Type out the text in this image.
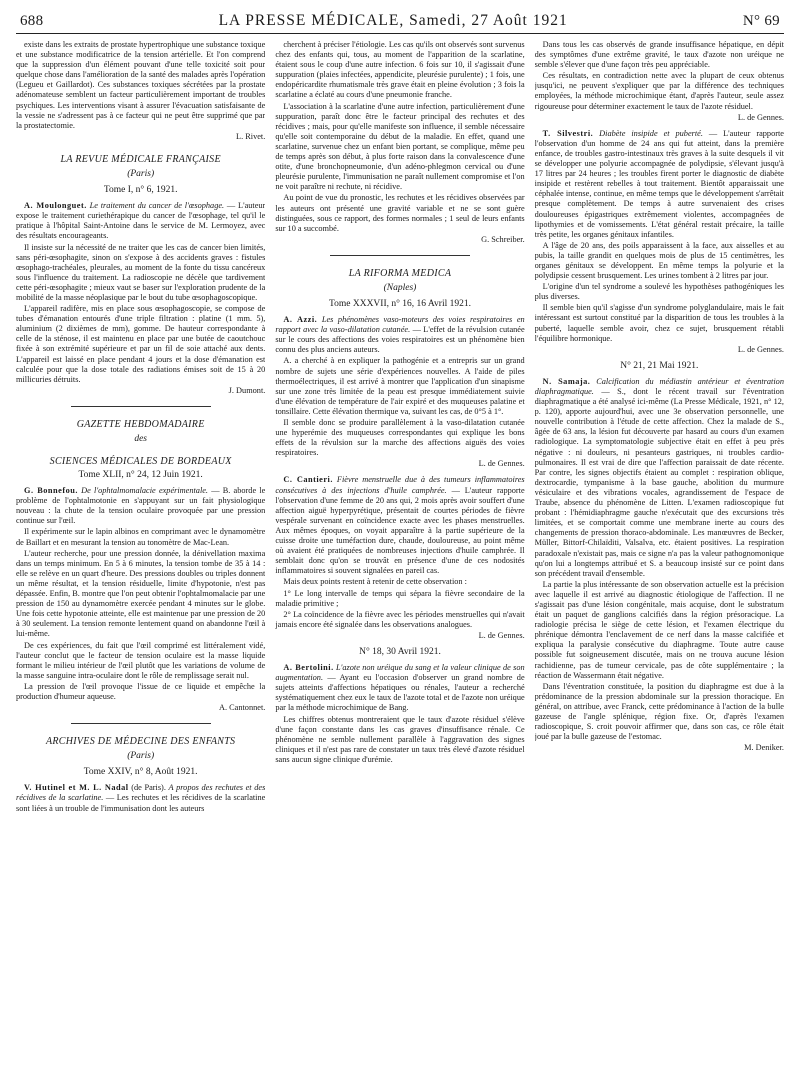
688	LA PRESSE MÉDICALE, Samedi, 27 Août 1921	N° 69

existe dans les extraits de prostate hypertrophique une substance toxique et une substance modificatrice de la tension artérielle. Et l'on comprend que la suppression d'un élément pouvant d'une telle toxicité soit pour quelque chose dans l'amélioration de la santé des malades après l'opération (Legueu et Gaillardot). Ces substances toxiques sécrétées par la prostate adénomateuse semblent un facteur particulièrement important de troubles psychiques. Les interventions visant à assurer l'évacuation satisfaisante de la vessie ne s'adressent pas à ce facteur qui ne peut être supprimé que par la prostatectomie.

L. Rivet.

LA REVUE MÉDICALE FRANÇAISE

(Paris)

Tome I, n° 6, 1921.

A. Moulonguet. Le traitement du cancer de l'œsophage. — L'auteur expose le traitement curiethérapique du cancer de l'œsophage, tel qu'il le pratique à l'hôpital Saint-Antoine dans le service de M. Lermoyez, avec des résultats encourageants.

Il insiste sur la nécessité de ne traiter que les cas de cancer bien limités, sans péri-œsophagite, sinon on s'expose à des accidents graves : fistules œsophago-trachéales, pleurales, au moment de la fonte du tissu cancéreux sous l'influence du traitement. La radioscopie ne décèle que tardivement cette péri-œsophagite ; mieux vaut se baser sur l'exploration prudente de la mobilité de la masse néoplasique par le bout du tube œsophagoscopique.

L'appareil radifère, mis en place sous œsophagoscopie, se compose de tubes d'émanation entourés d'une triple filtration : platine (1 mm. 5), aluminium (2 dixièmes de mm), gomme. De hauteur correspondante à celle de la sténose, il est maintenu en place par une butée de caoutchouc fixée à son extrémité supérieure et par un fil de soie attaché aux dents. L'appareil est laissé en place pendant 4 jours et la dose d'émanation est calculée pour que la dose totale des radiations émises soit de 15 à 20 millicuries détruits.

J. Dumont.

GAZETTE HEBDOMADAIRE

des

SCIENCES MÉDICALES DE BORDEAUX

Tome XLII, n° 24, 12 Juin 1921.

G. Bonnefou. De l'ophtalmomalacie expérimentale. — B. aborde le problème de l'ophtalmotonie en s'appuyant sur un fait physiologique nouveau : la chute de la tension oculaire provoquée par une pression continue sur l'œil.

Il expérimente sur le lapin albinos en comprimant avec le dynamomètre de Baillart et en mesurant la tension au tonomètre de Mac-Lean.

L'auteur recherche, pour une pression donnée, la dénivellation maxima dans un temps minimum. En 5 à 6 minutes, la tension tombe de 35 à 14 : elle se relève en un quart d'heure. Des pressions doubles ou triples donnent un même résultat, et la tension résiduelle, limite d'hypotonie, n'est pas dépassée. Enfin, B. montre que l'on peut obtenir l'ophtalmomalacie par une pression de 150 au dynamomètre exercée pendant 4 minutes sur le globe. Une fois cette hypotonie atteinte, elle est maintenue par une pression de 20 à 30 seulement. La tension remonte lentement quand on abandonne l'œil à lui-même.

De ces expériences, du fait que l'œil comprimé est littéralement vidé, l'auteur conclut que le facteur de tension oculaire est la masse liquide formant le milieu intérieur de l'œil plutôt que les variations de volume de la masse sanguine intra-oculaire dont le rôle de remplissage serait nul.

La pression de l'œil provoque l'issue de ce liquide et empêche la production d'humeur aqueuse.

A. Cantonnet.

ARCHIVES DE MÉDECINE DES ENFANTS

(Paris)

Tome XXIV, n° 8, Août 1921.

V. Hutinel et M. L. Nadal (de Paris). A propos des rechutes et des récidives de la scarlatine. — Les rechutes et les récidives de la scarlatine sont liées à un trouble de l'immunisation dont les auteurs

cherchent à préciser l'étiologie. Les cas qu'ils ont observés sont survenus chez des enfants qui, tous, au moment de l'apparition de la scarlatine, étaient sous le coup d'une autre infection. 6 fois sur 10, il s'agissait d'une suppuration (plaies infectées, appendicite, pleurésie purulente) ; 1 fois, une endopéricardite rhumatismale très grave était en pleine évolution ; 3 fois la scarlatine a éclaté au cours d'une pneumonie franche.

L'association à la scarlatine d'une autre infection, particulièrement d'une suppuration, paraît donc être le facteur principal des rechutes et des récidives ; mais, pour qu'elle manifeste son influence, il semble nécessaire qu'elle soit contemporaine du début de la maladie. En effet, quand une scarlatine, survenue chez un enfant bien portant, se complique, même peu de temps après son début, à plus forte raison dans la convalescence d'une otite, d'une bronchopneumonie, d'un adéno-phlegmon cervical ou d'une pleurésie purulente, l'immunisation ne paraît nullement compromise et l'on ne voit paraître ni rechute, ni récidive.

Au point de vue du pronostic, les rechutes et les récidives observées par les auteurs ont présenté une gravité variable et ne se sont guère distinguées, sous ce rapport, des formes normales ; 1 seul de leurs enfants sur 10 a succombé.

G. Schreiber.

LA RIFORMA MEDICA

(Naples)

Tome XXXVII, n° 16, 16 Avril 1921.

A. Azzi. Les phénomènes vaso-moteurs des voies respiratoires en rapport avec la vaso-dilatation cutanée. — L'effet de la révulsion cutanée sur le cours des affections des voies respiratoires est un phénomène bien connu des plus anciens auteurs.

A. a cherché à en expliquer la pathogénie et a entrepris sur un grand nombre de sujets une série d'expériences nouvelles. A l'aide de piles thermoélectriques, il est arrivé à montrer que l'application d'un sinapisme sur une zone très limitée de la peau est presque immédiatement suivie d'une élévation de température de l'air expiré et des muqueuses palatine et tonsillaire. Cette élévation thermique va, suivant les cas, de 0°5 à 1°.

Il semble donc se produire parallèlement à la vaso-dilatation cutanée une hyperémie des muqueuses correspondantes qui explique les bons effets de la révulsion sur la marche des affections aiguës des voies respiratoires.

L. de Gennes.

C. Cantieri. Fièvre menstruelle due à des tumeurs inflammatoires consécutives à des injections d'huile camphrée. — L'auteur rapporte l'observation d'une femme de 20 ans qui, 2 mois après avoir souffert d'une affection aiguë hyperpyrétique, présentait de courtes périodes de fièvre vespérale survenant en coïncidence exacte avec les phases menstruelles. Aux mêmes époques, on voyait apparaître à la partie supérieure de la cuisse droite une tuméfaction dure, chaude, douloureuse, au point même où avaient été pratiquées de nombreuses injections d'huile camphrée. Il semblait donc qu'on se trouvât en présence d'une de ces nodosités inflammatoires si souvent signalées en pareil cas.

Mais deux points restent à retenir de cette observation :

1° Le long intervalle de temps qui sépara la fièvre secondaire de la maladie primitive ;

2° La coïncidence de la fièvre avec les périodes menstruelles qui n'avait jamais encore été signalée dans les observations analogues.

L. de Gennes.

N° 18, 30 Avril 1921.

A. Bertolini. L'azote non uréique du sang et la valeur clinique de son augmentation. — Ayant eu l'occasion d'observer un grand nombre de sujets atteints d'affections hépatiques ou rénales, l'auteur a recherché systématiquement chez eux le taux de l'azote total et de l'azote non uréique par la méthode microchimique de Bang.

Les chiffres obtenus montreraient que le taux d'azote résiduel s'élève d'une façon constante dans les cas graves d'insuffisance rénale. Ce phénomène ne semble nullement parallèle à l'aggravation des signes cliniques et il n'est pas rare de constater un taux très élevé d'azote résiduel sans aucun signe clinique d'urémie.

Dans tous les cas observés de grande insuffisance hépatique, en dépit des symptômes d'une extrême gravité, le taux d'azote non uréique ne semble s'élever que d'une façon très peu appréciable.

Ces résultats, en contradiction nette avec la plupart de ceux obtenus jusqu'ici, ne peuvent s'expliquer que par la différence des techniques employées, la méthode microchimique étant, d'après l'auteur, seule assez rigoureuse pour déterminer exactement le taux de l'azote résiduel.

L. de Gennes.

T. Silvestri. Diabète insipide et puberté. — L'auteur rapporte l'observation d'un homme de 24 ans qui fut atteint, dans la première enfance, de troubles gastro-intestinaux très graves à la suite desquels il vit se développer une polyurie accompagnée de polydipsie, s'élevant jusqu'à 17 litres par 24 heures ; les troubles firent porter le diagnostic de diabète insipide et restèrent rebelles à tout traitement. Bientôt apparaissait une céphalée intense, continue, en même temps que le développement s'arrêtait presque complètement. De temps à autre survenaient des crises douloureuses épigastriques extrêmement violentes, accompagnées de lipothymies et de vomissements. L'état général restait précaire, la taille très petite, les organes génitaux infantiles.

A l'âge de 20 ans, des poils apparaissent à la face, aux aisselles et au pubis, la taille grandit en quelques mois de plus de 15 centimètres, les organes génitaux se développent. En même temps la polyurie et la polydipsie cessent brusquement. Les urines tombent à 2 litres par jour.

L'origine d'un tel syndrome a soulevé les hypothèses pathogéniques les plus diverses.

Il semble bien qu'il s'agisse d'un syndrome polyglandulaire, mais le fait intéressant est surtout constitué par la disparition de tous les troubles à la puberté, laquelle semble avoir, chez ce sujet, brusquement rétabli l'équilibre hormonique.

L. de Gennes.

N° 21, 21 Mai 1921.

N. Samaja. Calcification du médiastin antérieur et éventration diaphragmatique. — S., dont le récent travail sur l'éventration diaphragmatique a été analysé ici-même (La Presse Médicale, 1921, n° 12, p. 120), apporte aujourd'hui, avec une 3e observation personnelle, une nouvelle contribution à l'étude de cette affection. Chez la malade de S., âgée de 63 ans, la lésion fut découverte par hasard au cours d'un examen radiologique. La symptomatologie subjective était en effet à peu près négative : ni douleurs, ni pesanteurs gastriques, ni troubles cardio-pulmonaires. Il est vrai de dire que l'affection paraissait de date récente. Par contre, les signes objectifs étaient au complet : respiration oblique, dextrocardie, tympanisme à la base gauche, abolition du murmure vésiculaire et des vibrations vocales, agrandissement de l'espace de Traube, absence du phénomène de Litten. L'examen radioscopique fut probant : l'hémidiaphragme gauche n'exécutait que des excursions très limitées, et se comportait comme une membrane inerte au cours des changements de pression thoraco-abdominale. Les manœuvres de Becker, Müller, Bittorf-Chilaïditi, Valsalva, etc. étaient positives. La respiration paradoxale n'existait pas, mais ce signe n'a pas la valeur pathognomonique qu'on lui a longtemps attribué et S. a beaucoup insisté sur ce point dans son précédent travail d'ensemble.

La partie la plus intéressante de son observation actuelle est la précision avec laquelle il est arrivé au diagnostic étiologique de l'affection. Il ne s'agissait pas d'une lésion congénitale, mais acquise, dont le substratum était un paquet de ganglions calcifiés dans la région présoracique. La radiologie précisa le siège de cette lésion, et l'examen électrique du phrénique démontra l'enclavement de ce nerf dans la masse calcifiée et expliqua la paralysie consécutive du diaphragme. Toute autre cause possible fut soigneusement discutée, mais on ne trouva aucune lésion rachidienne, pas de tumeur cervicale, pas de côte supplémentaire ; la réaction de Wassermann était négative.

Dans l'éventration constituée, la position du diaphragme est due à la prédominance de la pression abdominale sur la pression thoracique. En général, on attribue, avec Franck, cette prédominance à l'action de la bulle gazeuse de l'angle splénique, région fixe. Or, d'après l'examen radioscopique, S. croit pouvoir affirmer que, dans son cas, ce rôle était joué par la bulle gazeuse de l'estomac.

M. Deniker.
